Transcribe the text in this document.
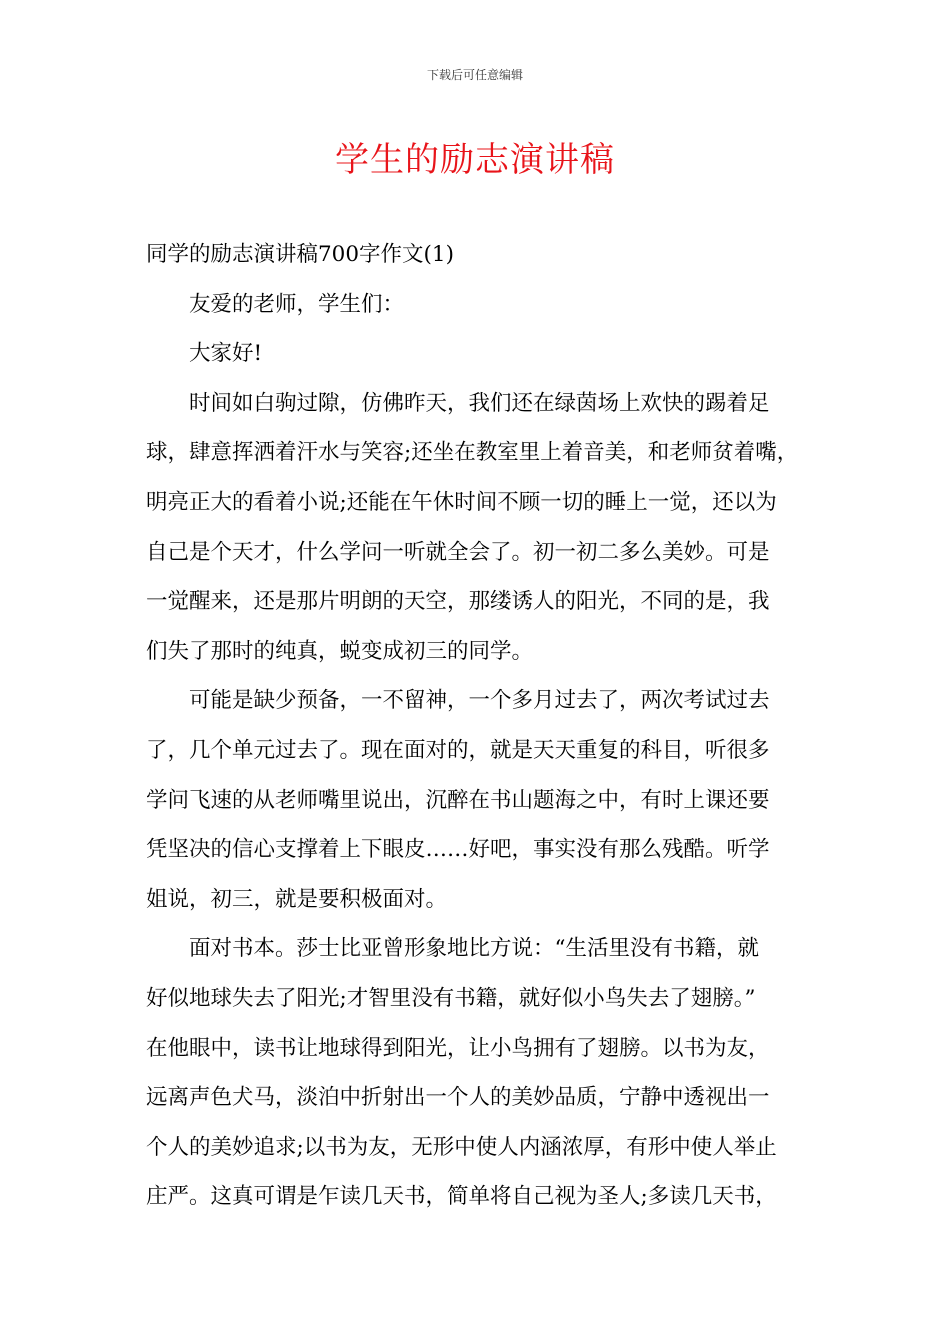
下载后可任意编辑
学生的励志演讲稿

同学的励志演讲稿700字作文(1)

友爱的老师，学生们：

大家好!

时间如白驹过隙，仿佛昨天，我们还在绿茵场上欢快的踢着足

球，肆意挥洒着汗水与笑容;还坐在教室里上着音美，和老师贫着嘴，

明亮正大的看着小说;还能在午休时间不顾一切的睡上一觉，还以为

自己是个天才，什么学问一听就全会了。初一初二多么美妙。可是

一觉醒来，还是那片明朗的天空，那缕诱人的阳光，不同的是，我

们失了那时的纯真，蜕变成初三的同学。

可能是缺少预备，一不留神，一个多月过去了，两次考试过去

了，几个单元过去了。现在面对的，就是天天重复的科目，听很多

学问飞速的从老师嘴里说出，沉醉在书山题海之中，有时上课还要

凭坚决的信心支撑着上下眼皮……好吧，事实没有那么残酷。听学

姐说，初三，就是要积极面对。

面对书本。莎士比亚曾形象地比方说：“生活里没有书籍，就

好似地球失去了阳光;才智里没有书籍，就好似小鸟失去了翅膀。”

在他眼中，读书让地球得到阳光，让小鸟拥有了翅膀。以书为友，

远离声色犬马，淡泊中折射出一个人的美妙品质，宁静中透视出一

个人的美妙追求;以书为友，无形中使人内涵浓厚，有形中使人举止

庄严。这真可谓是乍读几天书，简单将自己视为圣人;多读几天书，
